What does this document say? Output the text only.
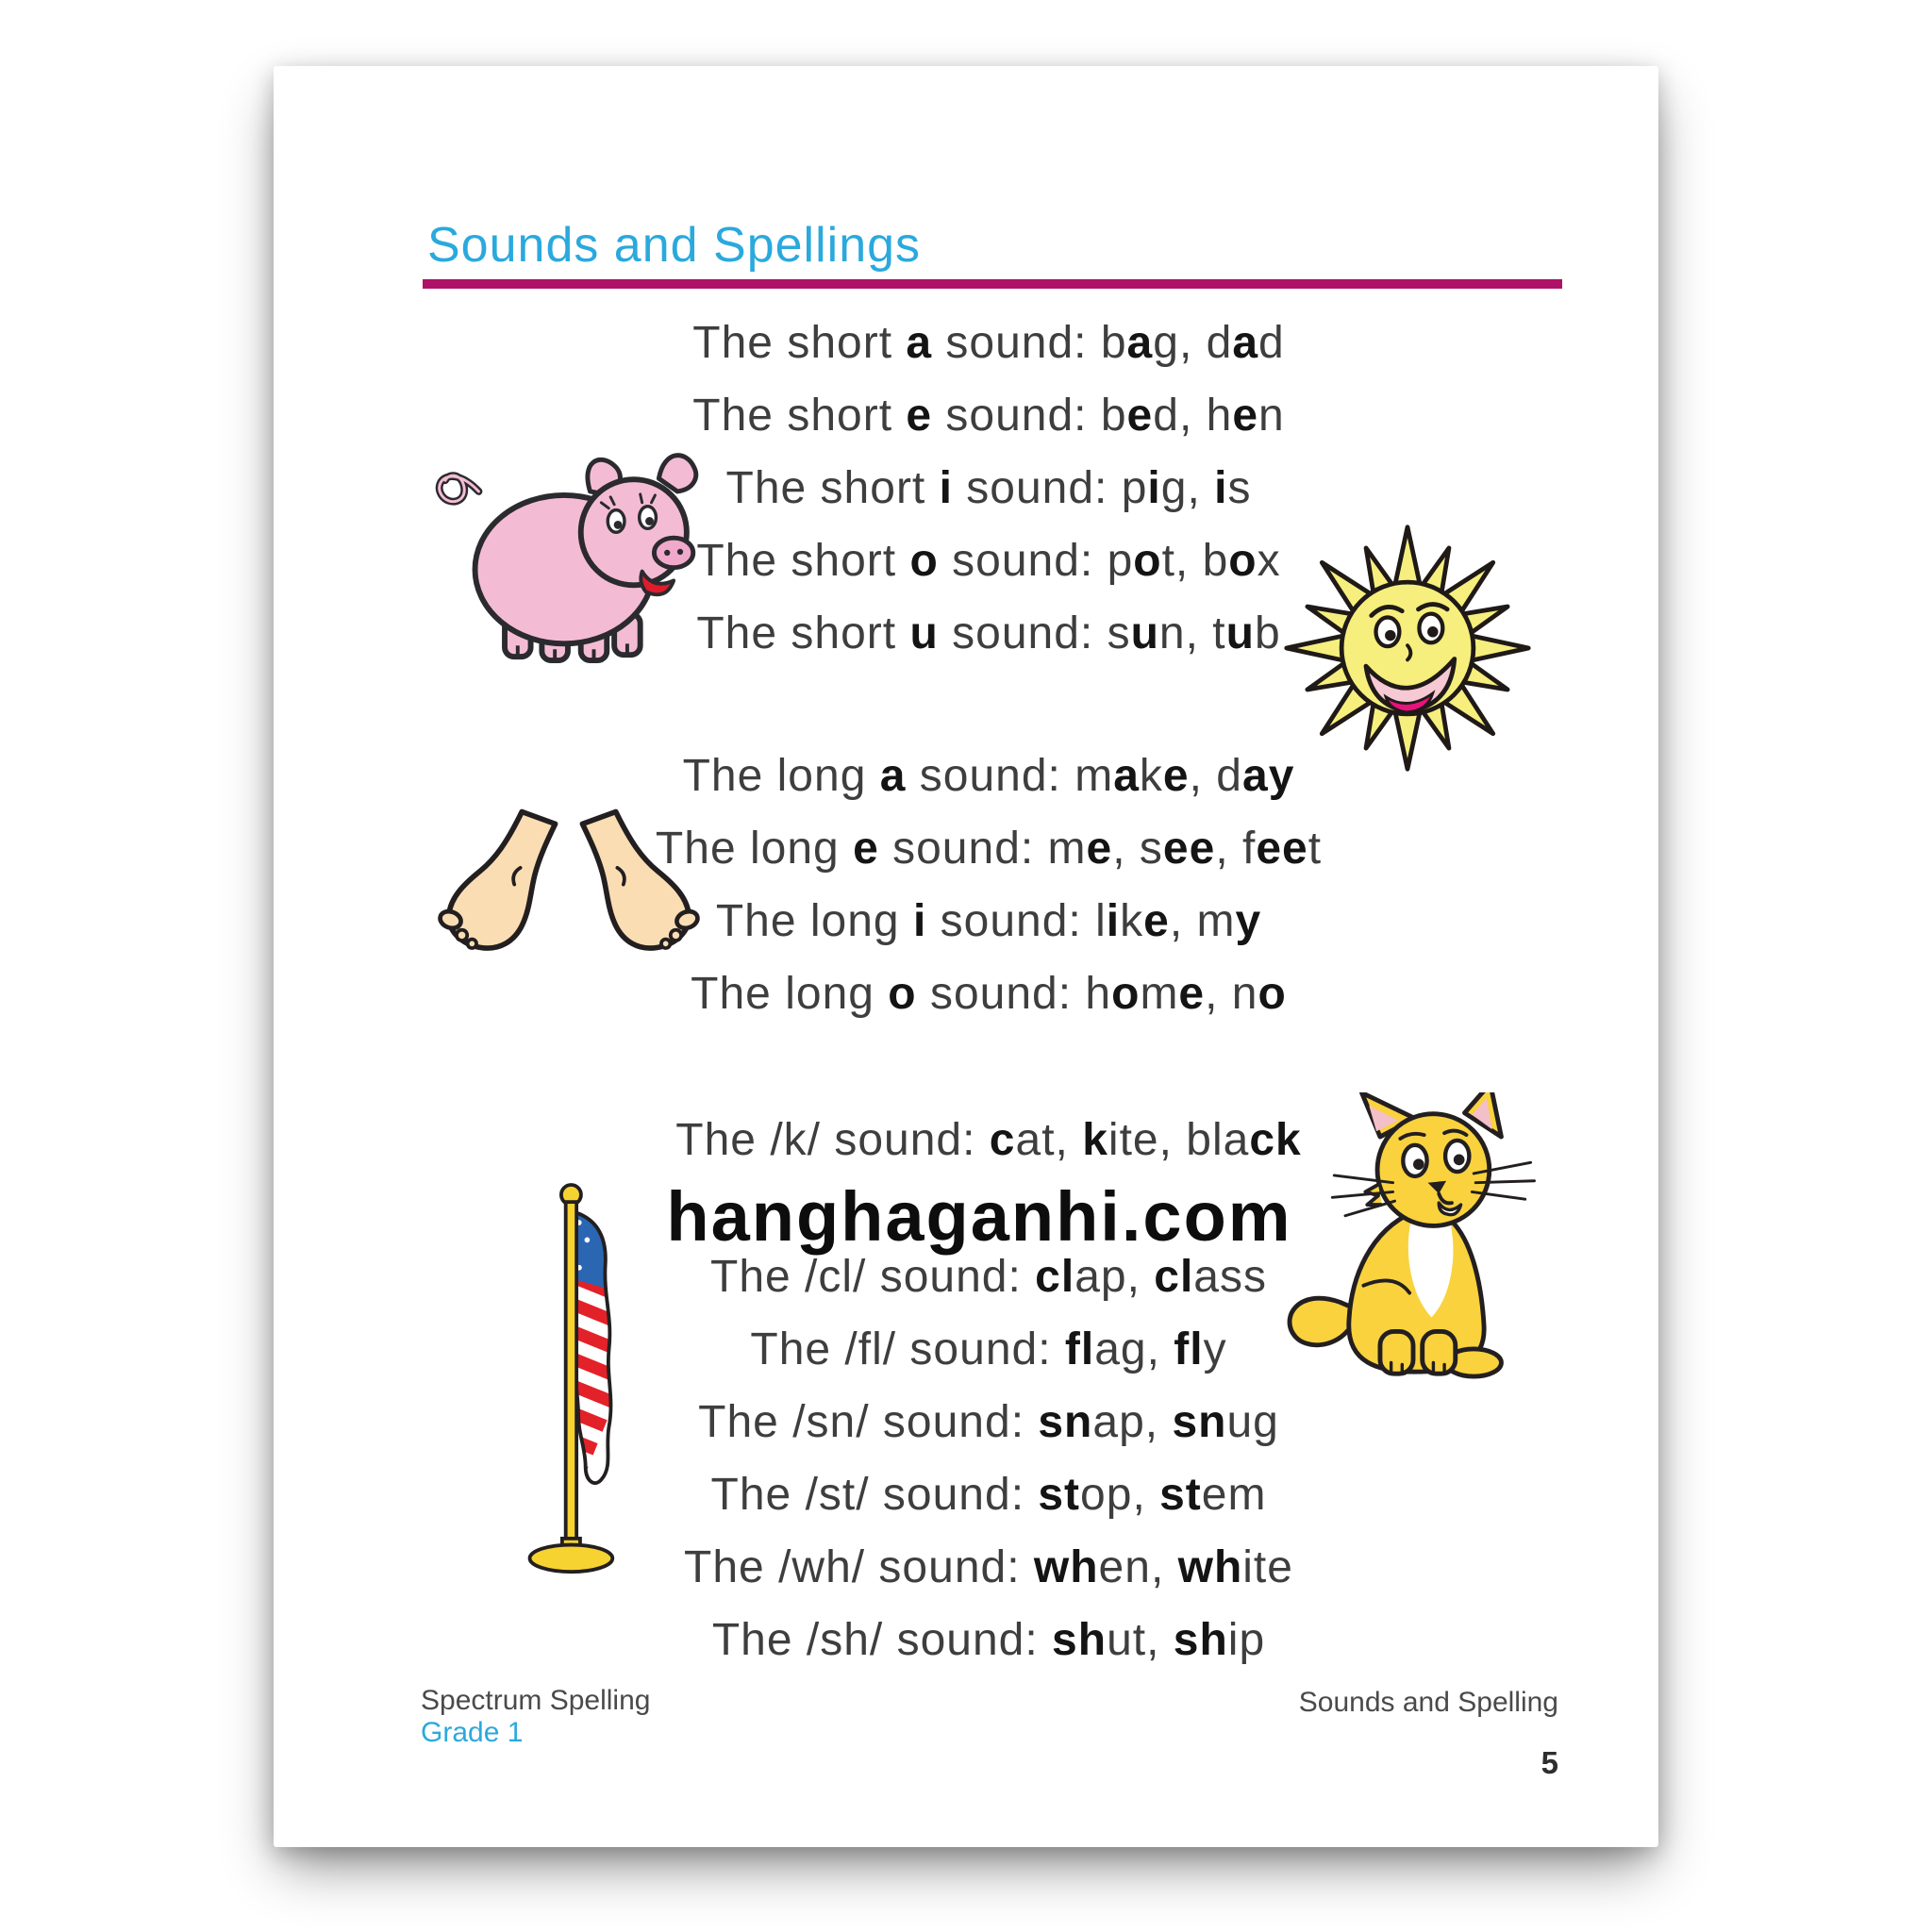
Sounds and Spellings
The short a sound: bag, dad
The short e sound: bed, hen
The short i sound: pig, is
The short o sound: pot, box
The short u sound: sun, tub
The long a sound: make, day
The long e sound: me, see, feet
The long i sound: like, my
The long o sound: home, no
The /k/ sound: cat, kite, black
hanghaganhi.com
The /cl/ sound: clap, class
The /fl/ sound: flag, fly
The /sn/ sound: snap, snug
The /st/ sound: stop, stem
The /wh/ sound: when, white
The /sh/ sound: shut, ship
Spectrum Spelling
Grade 1
Sounds and Spelling
5
